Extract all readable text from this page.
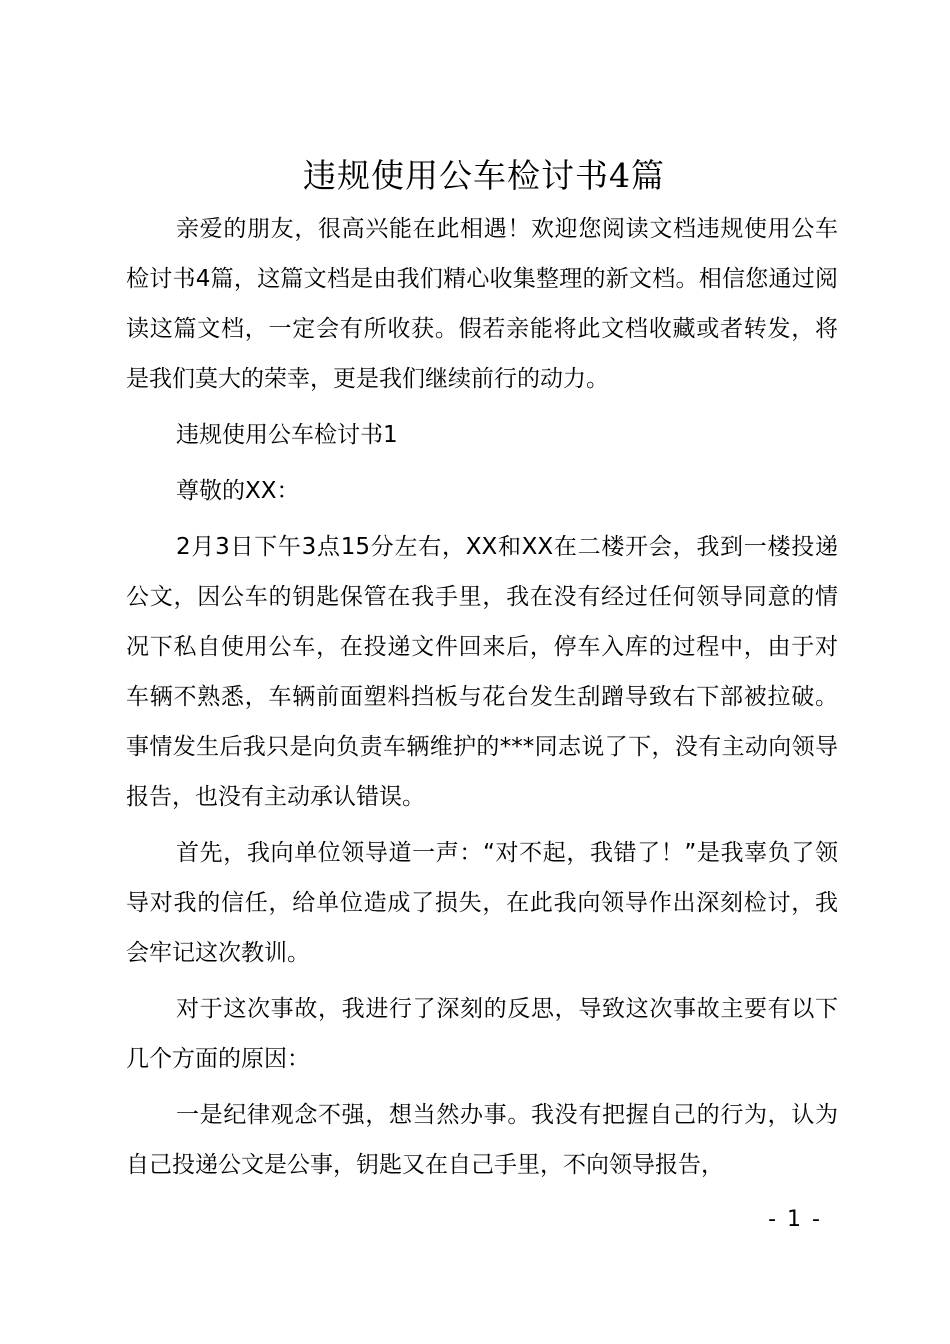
违规使用公车检讨书4篇

亲爱的朋友，很高兴能在此相遇！欢迎您阅读文档违规使用公车检讨书4篇，这篇文档是由我们精心收集整理的新文档。相信您通过阅读这篇文档，一定会有所收获。假若亲能将此文档收藏或者转发，将是我们莫大的荣幸，更是我们继续前行的动力。

违规使用公车检讨书1

尊敬的XX：

2月3日下午3点15分左右，XX和XX在二楼开会，我到一楼投递公文，因公车的钥匙保管在我手里，我在没有经过任何领导同意的情况下私自使用公车，在投递文件回来后，停车入库的过程中，由于对车辆不熟悉，车辆前面塑料挡板与花台发生刮蹭导致右下部被拉破。事情发生后我只是向负责车辆维护的***同志说了下，没有主动向领导报告，也没有主动承认错误。

首先，我向单位领导道一声：“对不起，我错了！”是我辜负了领导对我的信任，给单位造成了损失，在此我向领导作出深刻检讨，我会牢记这次教训。

对于这次事故，我进行了深刻的反思，导致这次事故主要有以下几个方面的原因：

一是纪律观念不强，想当然办事。我没有把握自己的行为，认为自己投递公文是公事，钥匙又在自己手里，不向领导报告，

- 1 -
